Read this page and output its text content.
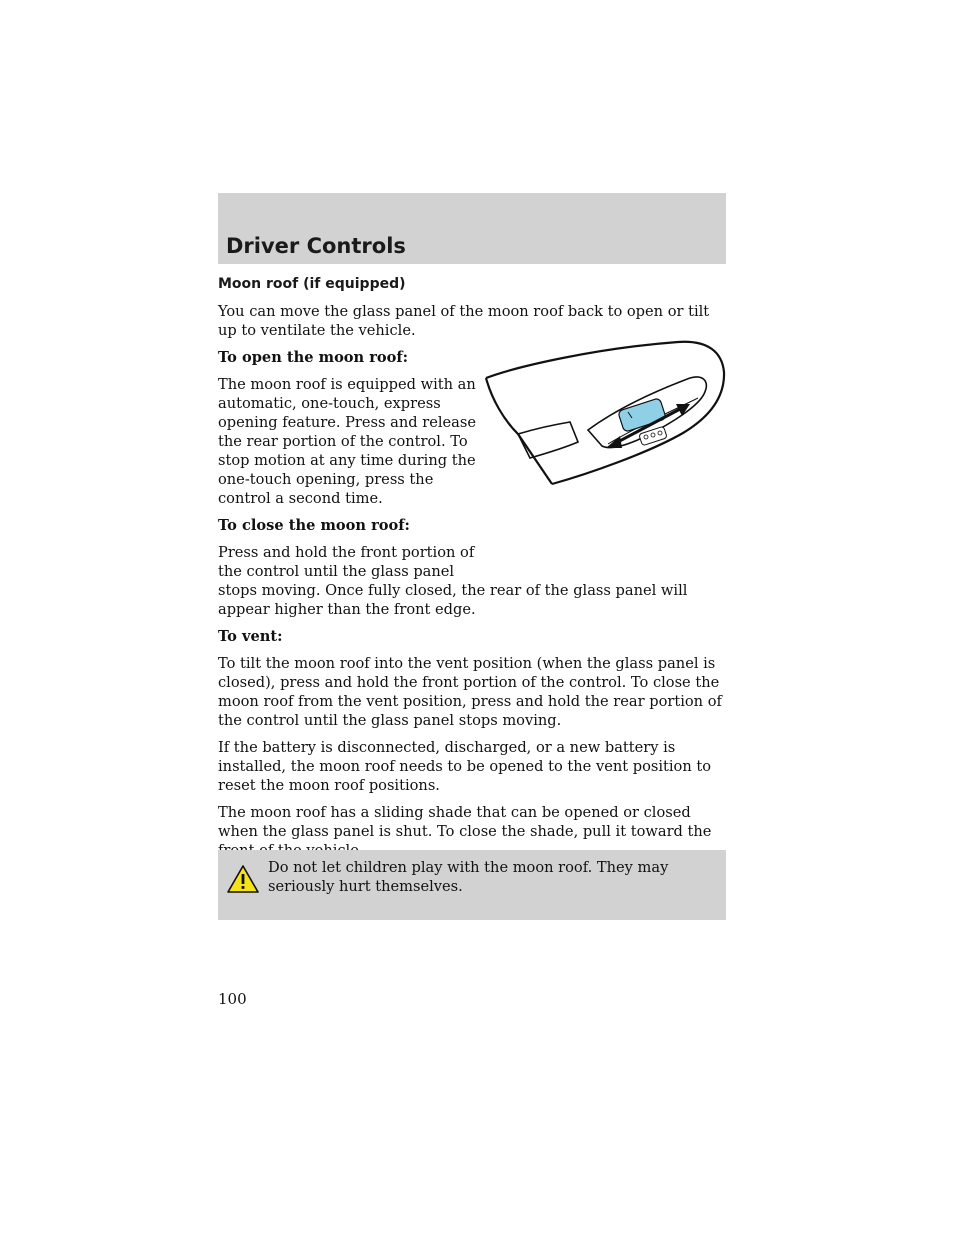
Driver Controls
Moon roof (if equipped)

You can move the glass panel of the moon roof back to open or tilt up to ventilate the vehicle.

To open the moon roof:

The moon roof is equipped with an automatic, one-touch, express opening feature. Press and release the rear portion of the control. To stop motion at any time during the one-touch opening, press the control a second time.

To close the moon roof:

Press and hold the front portion of the control until the glass panel

stops moving. Once fully closed, the rear of the glass panel will appear higher than the front edge.

To vent:

To tilt the moon roof into the vent position (when the glass panel is closed), press and hold the front portion of the control. To close the moon roof from the vent position, press and hold the rear portion of the control until the glass panel stops moving.

If the battery is disconnected, discharged, or a new battery is installed, the moon roof needs to be opened to the vent position to reset the moon roof positions.

The moon roof has a sliding shade that can be opened or closed when the glass panel is shut. To close the shade, pull it toward the

Do not let children play with the moon roof. They may seriously hurt themselves.
100
